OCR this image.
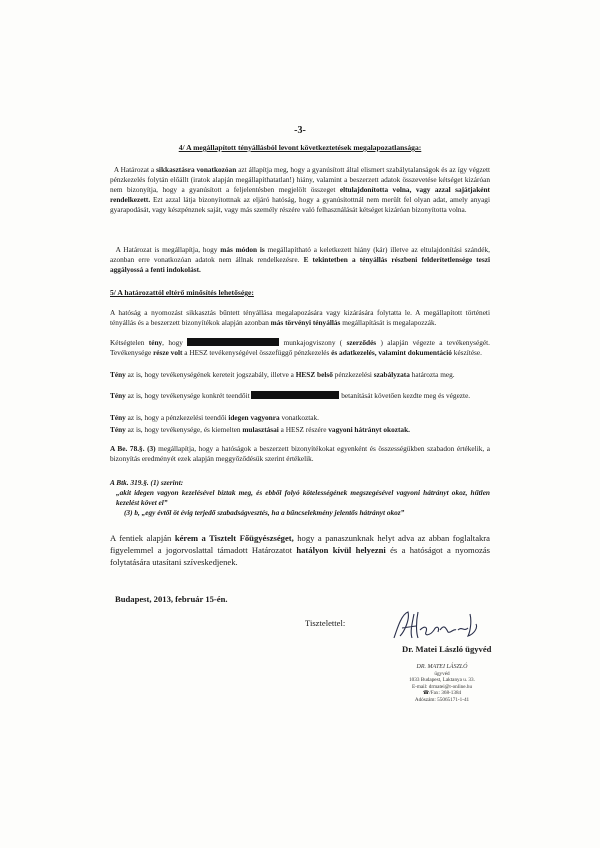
-3-

4/ A megállapított tényállásból levont következtetések megalapozatlansága:

A Határozat a sikkasztásra vonatkozóan azt állapítja meg, hogy a gyanúsított által elismert szabálytalanságok és az így végzett pénzkezelés folytán előállt (iratok alapján megállapíthatatlan!) hiány, valamint a beszerzett adatok összevetése kétséget kizáróan nem bizonyítja, hogy a gyanúsított a feljelentésben megjelölt összeget eltulajdonította volna, vagy azzal sajátjaként rendelkezett. Ezt azzal látja bizonyítottnak az eljáró hatóság, hogy a gyanúsítottnál nem merült fel olyan adat, amely anyagi gyarapodását, vagy készpénznek saját, vagy más személy részére való felhasználását kétséget kizáróan bizonyította volna.

A Határozat is megállapítja, hogy más módon is megállapítható a keletkezett hiány (kár) illetve az eltulajdonítási szándék, azonban erre vonatkozóan adatok nem állnak rendelkezésre. E tekintetben a tényállás részbeni felderítetlensége teszi aggályossá a fenti indokolást.

5/ A határozattól eltérő minősítés lehetősége:

A hatóság a nyomozást sikkasztás bűntett tényállása megalapozására vagy kizárására folytatta le. A megállapított történeti tényállás és a beszerzett bizonyítékok alapján azonban más törvényi tényállás megállapítását is megalapozzák.

Kétségtelen tény, hogy	munkajogviszony ( szerződés ) alapján végezte a tevékenységét. Tevékenysége része volt a HESZ tevékenységével összefüggő pénzkezelés és adatkezelés, valamint dokumentáció készítése.

Tény az is, hogy tevékenységének kereteit jogszabály, illetve a HESZ belső pénzkezelési szabályzata határozta meg.

Tény az is, hogy tevékenysége konkrét teendőit	betanítását követően kezdte meg és végezte.

Tény az is, hogy a pénzkezelési teendői idegen vagyonra vonatkoztak.

Tény az is, hogy tevékenysége, és kiemelten mulasztásai a HESZ részére vagyoni hátrányt okoztak.

A Be. 78.§. (3) megállapítja, hogy a hatóságok a beszerzett bizonyítékokat egyenként és összességükben szabadon értékelik, a bizonyítás eredményét ezek alapján meggyőződésük szerint értékelik.

A Btk. 319.§. (1) szerint:

„akit idegen vagyon kezelésével bíztak meg, és ebből folyó kötelességének megszegésével vagyoni hátrányt okoz, hűtlen kezelést követ el”

(3) b, „egy évtől öt évig terjedő szabadságvesztés, ha a bűncselekmény jelentős hátrányt okoz”

A fentiek alapján kérem a Tisztelt Főügyészséget, hogy a panaszunknak helyt adva az abban foglaltakra figyelemmel a jogorvoslattal támadott Határozatot hatályon kívül helyezni és a hatóságot a nyomozás folytatására utasítani szíveskedjenek.

Budapest, 2013, február 15-én.
Tisztelettel:
Dr. Matei László ügyvéd
DR. MATEI LÁSZLÓ
ügyvéd
1033 Budapest, Laktanya u. 33.
E-mail: drmatei@t-online.hu
☎/Fax: 368-1384
Adószám: 55065171-1-41
